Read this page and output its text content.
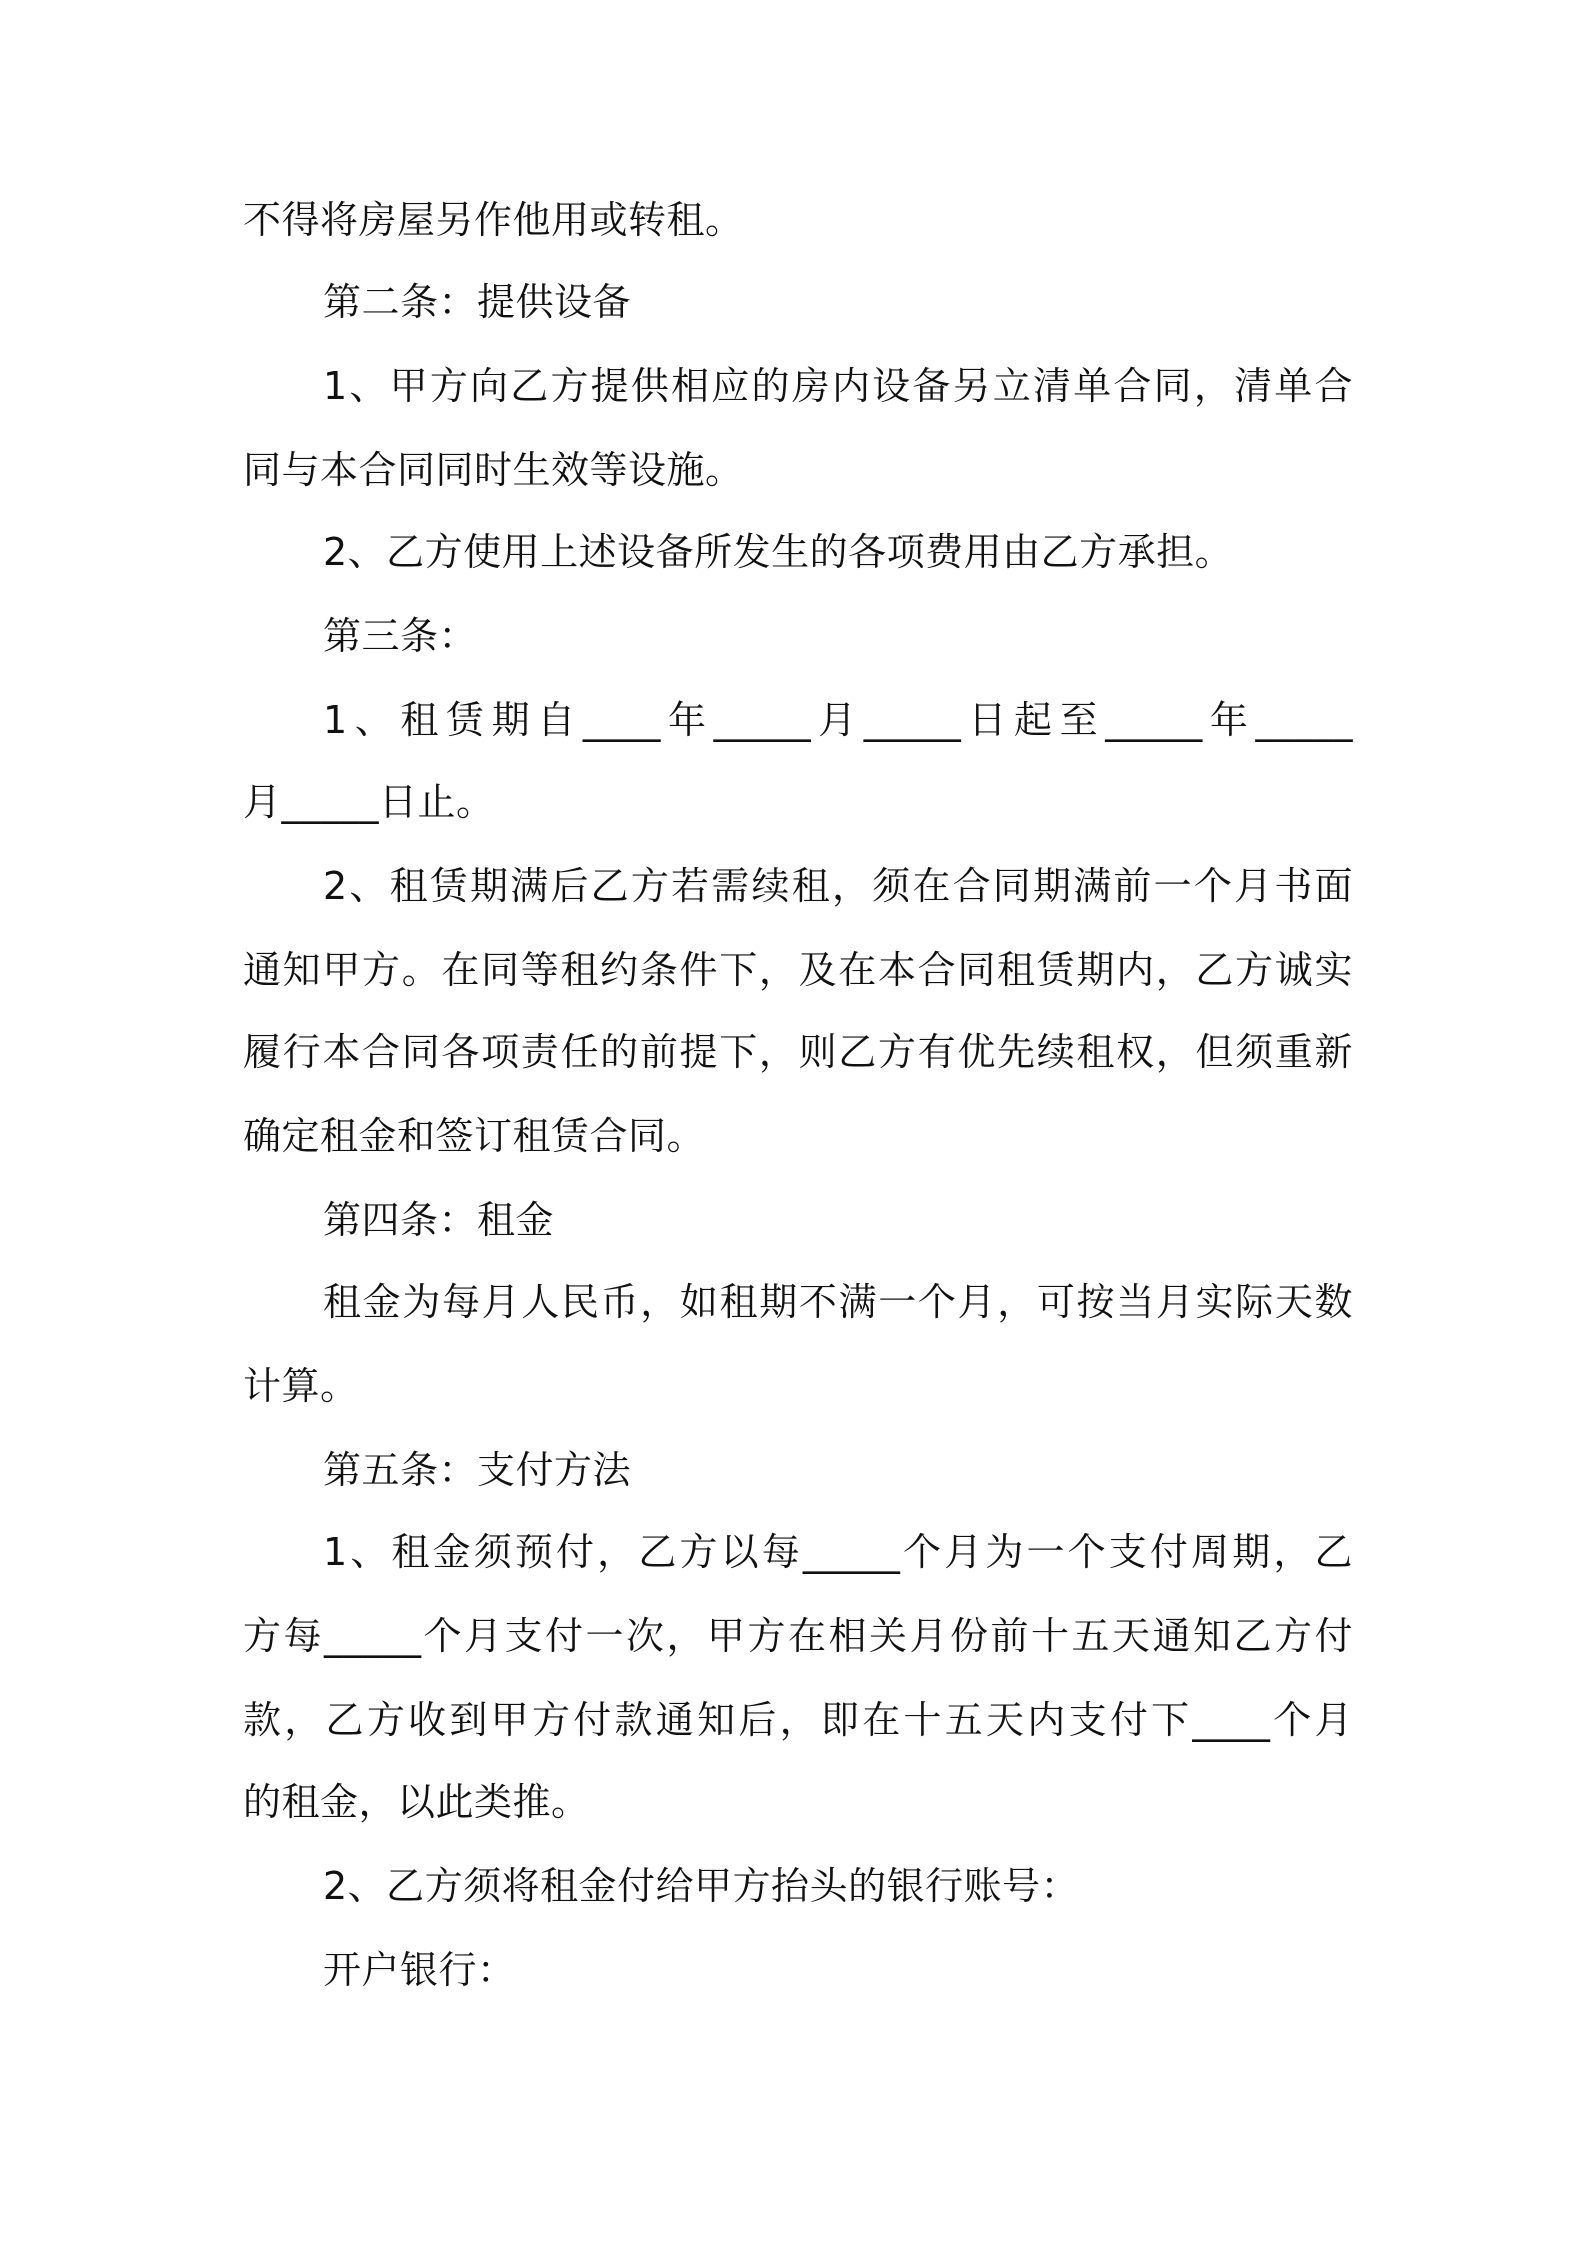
不得将房屋另作他用或转租。
第二条：提供设备
1、甲方向乙方提供相应的房内设备另立清单合同，清单合
同与本合同同时生效等设施。
2、乙方使用上述设备所发生的各项费用由乙方承担。
第三条：
1、租赁期自____年_____月_____日起至_____年_____
月_____日止。
2、租赁期满后乙方若需续租，须在合同期满前一个月书面
通知甲方。在同等租约条件下，及在本合同租赁期内，乙方诚实
履行本合同各项责任的前提下，则乙方有优先续租权，但须重新
确定租金和签订租赁合同。
第四条：租金
租金为每月人民币，如租期不满一个月，可按当月实际天数
计算。
第五条：支付方法
1、租金须预付，乙方以每_____个月为一个支付周期，乙
方每_____个月支付一次，甲方在相关月份前十五天通知乙方付
款，乙方收到甲方付款通知后，即在十五天内支付下____个月
的租金，以此类推。
2、乙方须将租金付给甲方抬头的银行账号：
开户银行：
